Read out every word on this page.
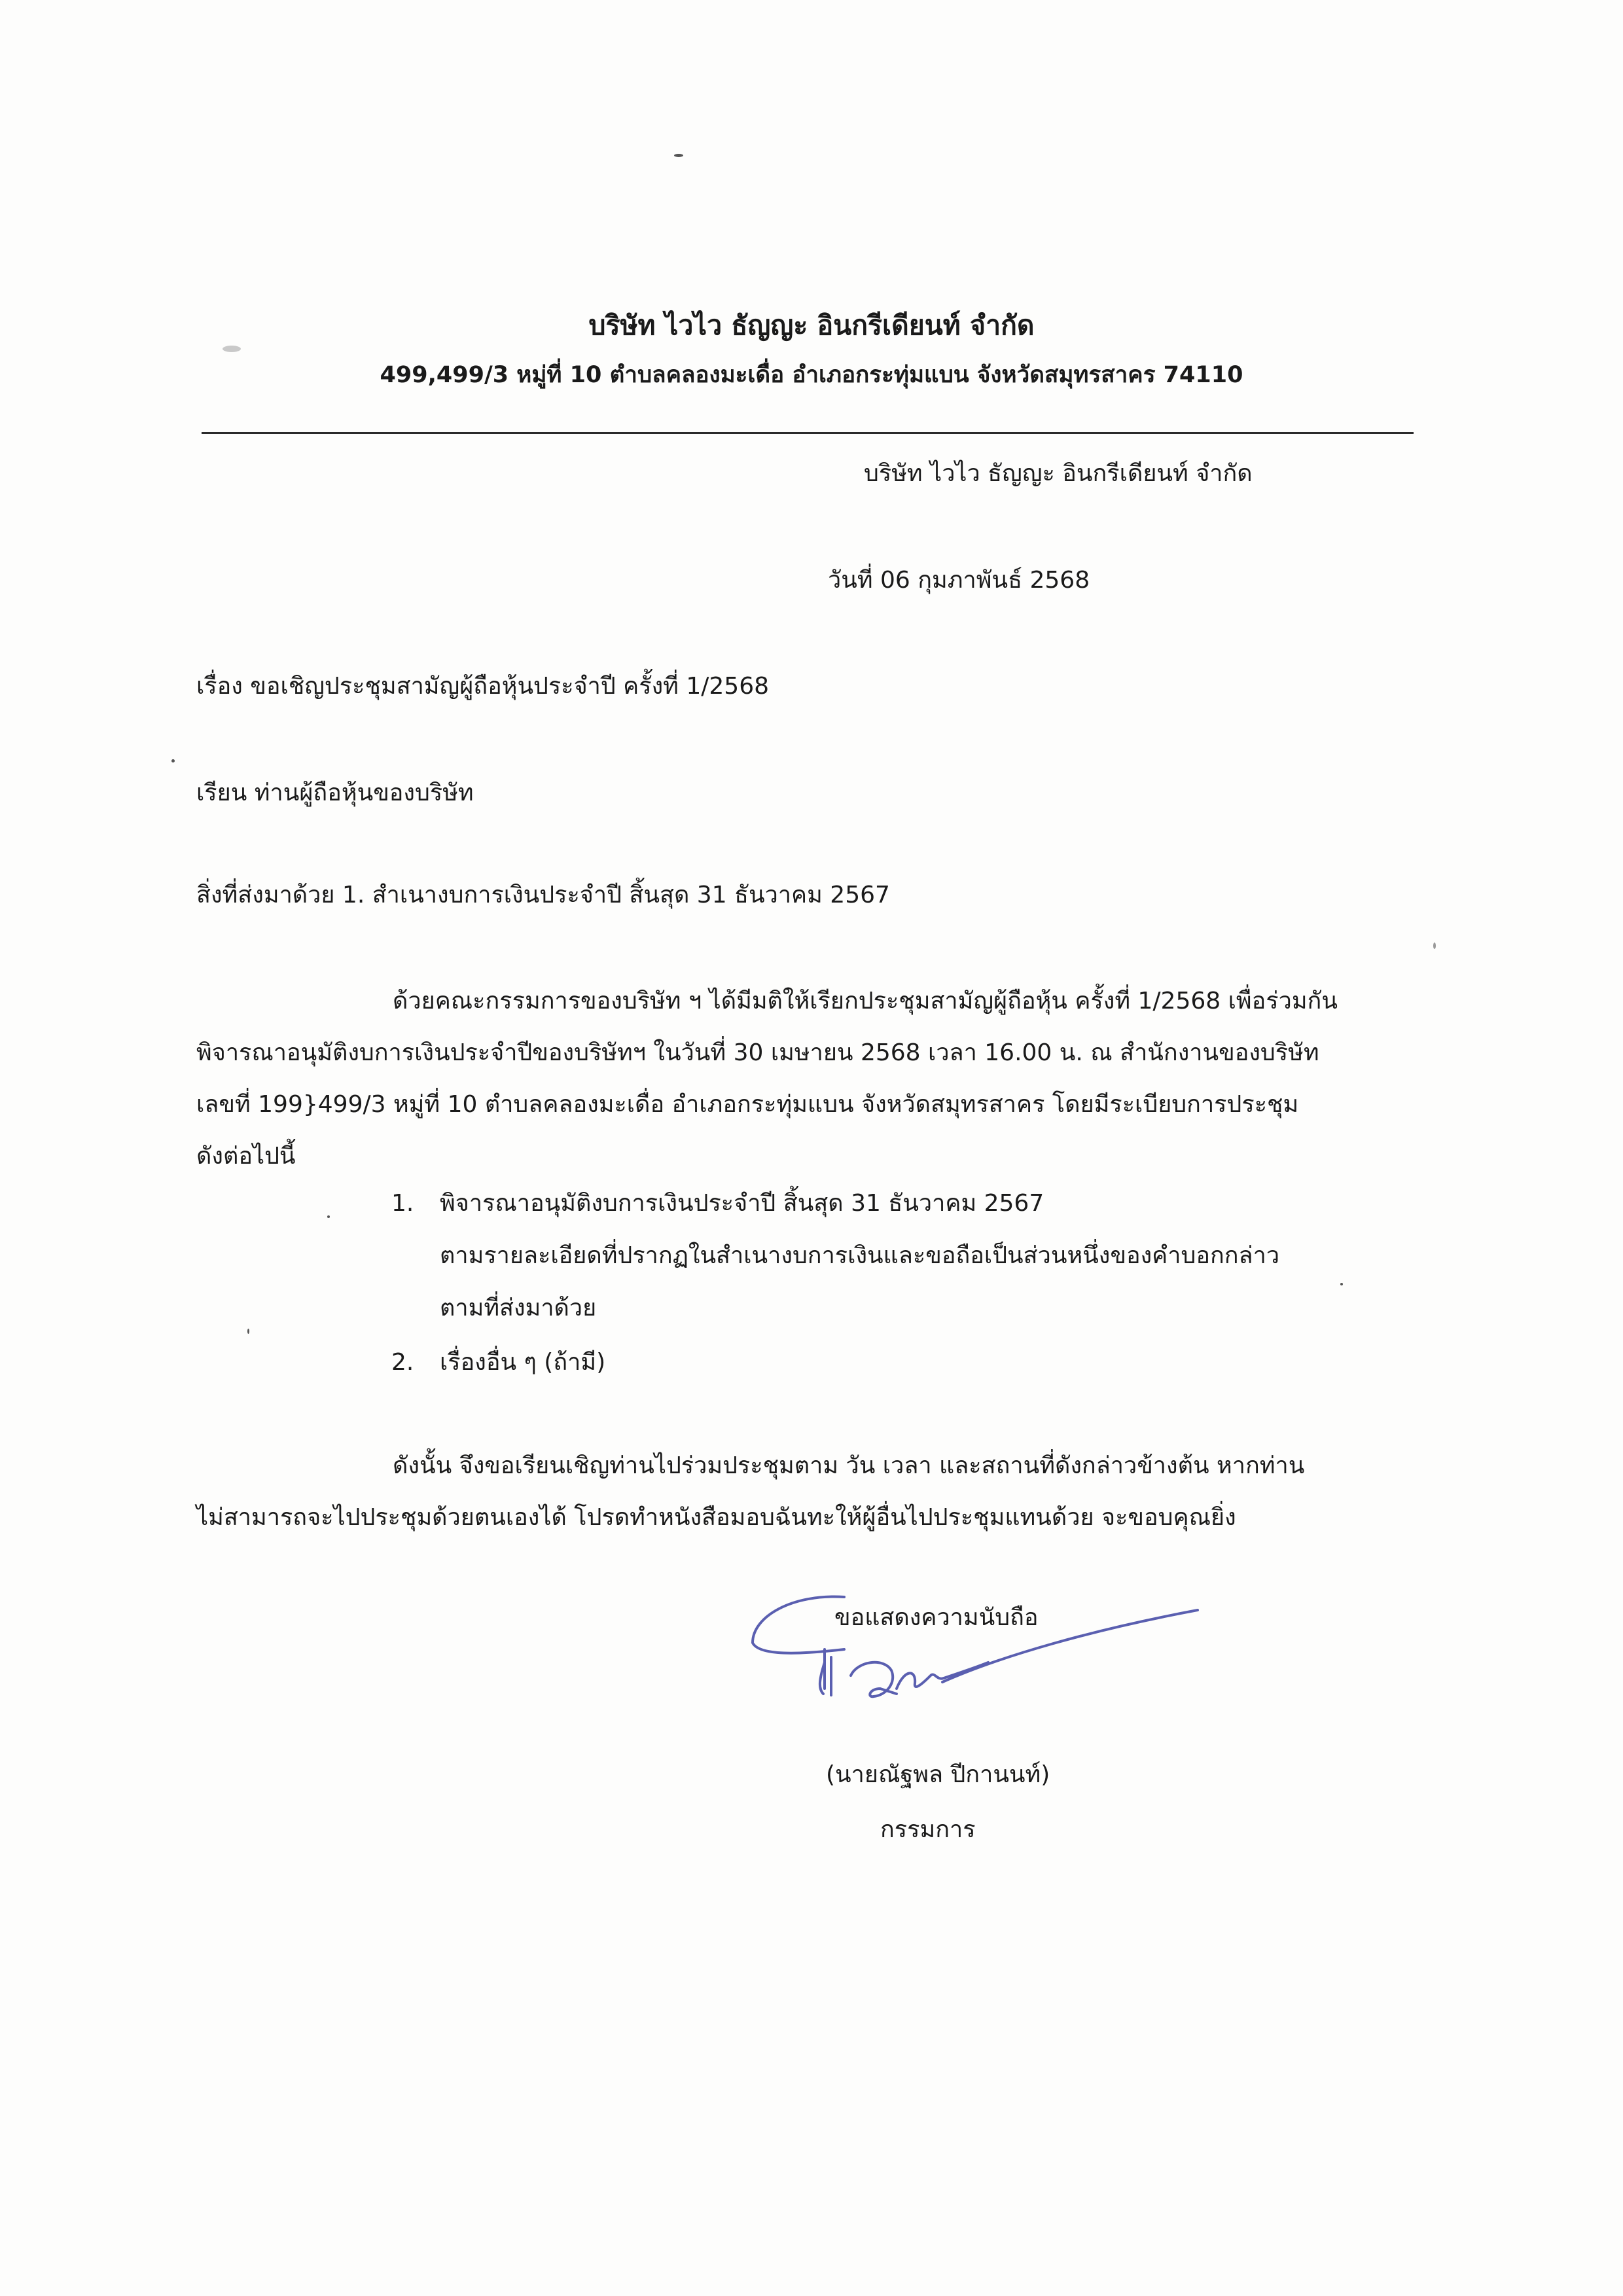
บริษัท ไวไว ธัญญะ อินกรีเดียนท์ จำกัด
499,499/3 หมู่ที่ 10 ตำบลคลองมะเดื่อ อำเภอกระทุ่มแบน จังหวัดสมุทรสาคร 74110
บริษัท ไวไว ธัญญะ อินกรีเดียนท์ จำกัด
วันที่ 06 กุมภาพันธ์ 2568
เรื่อง ขอเชิญประชุมสามัญผู้ถือหุ้นประจำปี ครั้งที่ 1/2568
เรียน ท่านผู้ถือหุ้นของบริษัท
สิ่งที่ส่งมาด้วย 1. สำเนางบการเงินประจำปี สิ้นสุด 31 ธันวาคม 2567

ด้วยคณะกรรมการของบริษัท ฯ ได้มีมติให้เรียกประชุมสามัญผู้ถือหุ้น ครั้งที่ 1/2568 เพื่อร่วมกัน

พิจารณาอนุมัติงบการเงินประจำปีของบริษัทฯ ในวันที่ 30 เมษายน 2568 เวลา 16.00 น. ณ สำนักงานของบริษัท

เลขที่ 199}499/3 หมู่ที่ 10 ตำบลคลองมะเดื่อ อำเภอกระทุ่มแบน จังหวัดสมุทรสาคร โดยมีระเบียบการประชุม

ดังต่อไปนี้

1. พิจารณาอนุมัติงบการเงินประจำปี สิ้นสุด 31 ธันวาคม 2567
ตามรายละเอียดที่ปรากฏในสำเนางบการเงินและขอถือเป็นส่วนหนึ่งของคำบอกกล่าว
ตามที่ส่งมาด้วย
2. เรื่องอื่น ๆ (ถ้ามี)

ดังนั้น จึงขอเรียนเชิญท่านไปร่วมประชุมตาม วัน เวลา และสถานที่ดังกล่าวข้างต้น หากท่าน

ไม่สามารถจะไปประชุมด้วยตนเองได้ โปรดทำหนังสือมอบฉันทะให้ผู้อื่นไปประชุมแทนด้วย จะขอบคุณยิ่ง

ขอแสดงความนับถือ
(นายณัฐพล ปีกานนท์)
กรรมการ
